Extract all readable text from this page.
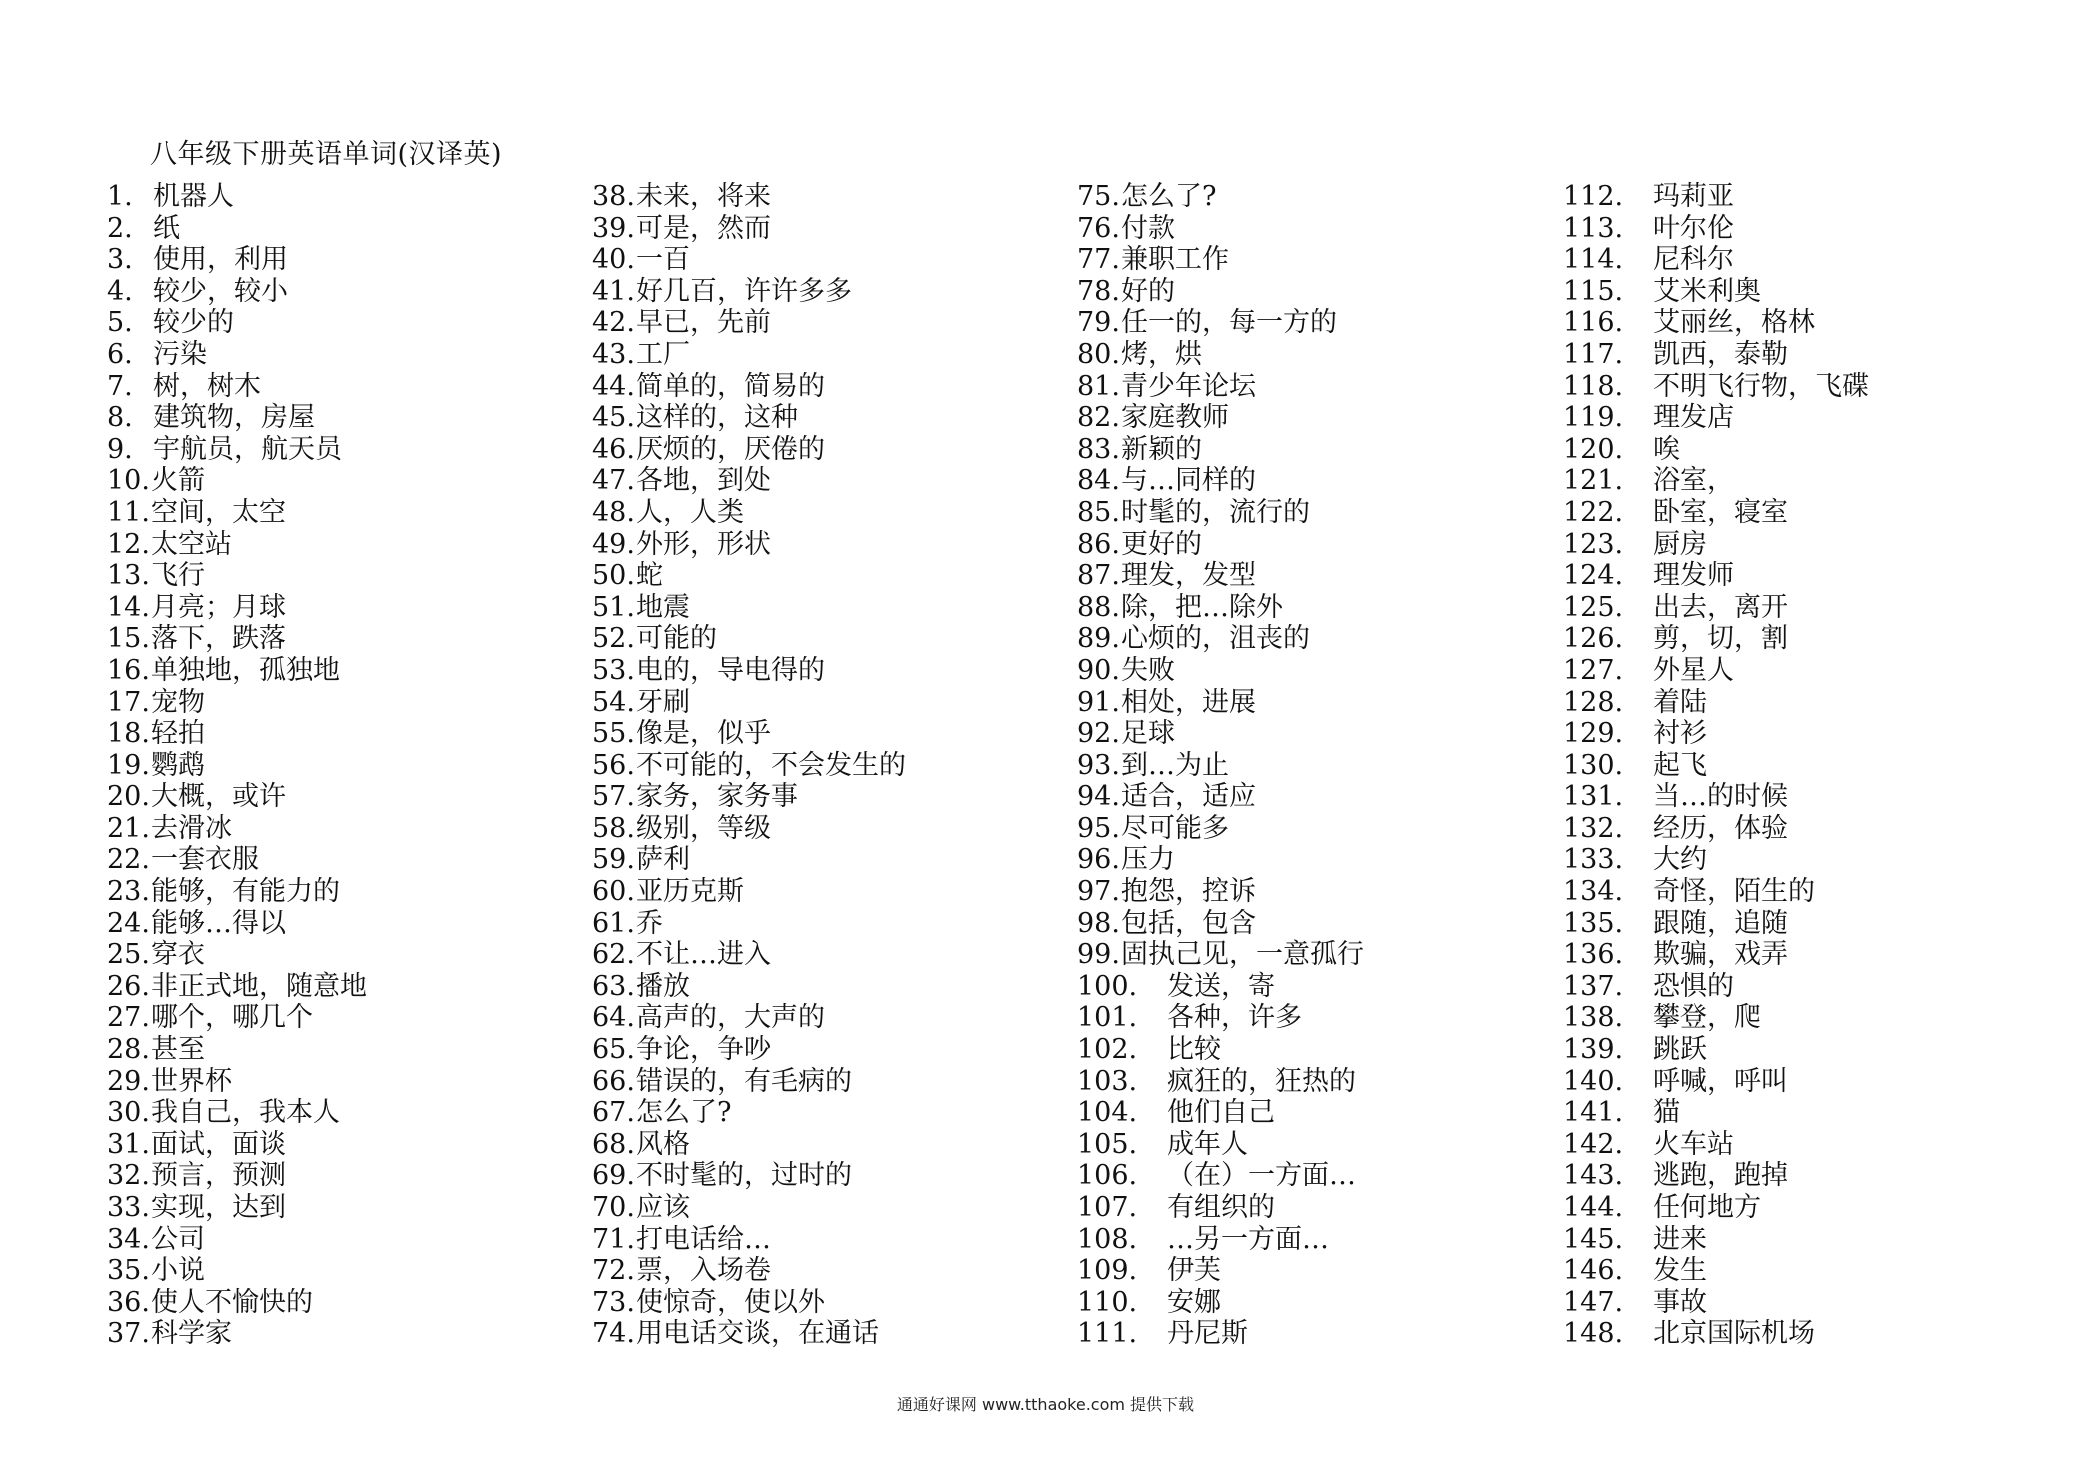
八年级下册英语单词(汉译英)
1. 机器人
2. 纸
3. 使用，利用
4. 较少，较小
5. 较少的
6. 污染
7. 树，树木
8. 建筑物，房屋
9. 宇航员，航天员
10. 火箭
11. 空间，太空
12. 太空站
13. 飞行
14. 月亮；月球
15. 落下，跌落
16. 单独地，孤独地
17. 宠物
18. 轻拍
19. 鹦鹉
20. 大概，或许
21. 去滑冰
22. 一套衣服
23. 能够，有能力的
24. 能够…得以
25. 穿衣
26. 非正式地，随意地
27. 哪个，哪几个
28. 甚至
29. 世界杯
30. 我自己，我本人
31. 面试，面谈
32. 预言，预测
33. 实现，达到
34. 公司
35. 小说
36. 使人不愉快的
37. 科学家
38. 未来，将来
39. 可是，然而
40. 一百
41. 好几百，许许多多
42. 早已，先前
43. 工厂
44. 简单的，简易的
45. 这样的，这种
46. 厌烦的，厌倦的
47. 各地，到处
48. 人，人类
49. 外形，形状
50. 蛇
51. 地震
52. 可能的
53. 电的，导电得的
54. 牙刷
55. 像是，似乎
56. 不可能的，不会发生的
57. 家务，家务事
58. 级别，等级
59. 萨利
60. 亚历克斯
61. 乔
62. 不让…进入
63. 播放
64. 高声的，大声的
65. 争论，争吵
66. 错误的，有毛病的
67. 怎么了?
68. 风格
69. 不时髦的，过时的
70. 应该
71. 打电话给…
72. 票，入场卷
73. 使惊奇，使以外
74. 用电话交谈，在通话
75. 怎么了?
76. 付款
77. 兼职工作
78. 好的
79. 任一的，每一方的
80. 烤，烘
81. 青少年论坛
82. 家庭教师
83. 新颖的
84. 与…同样的
85. 时髦的，流行的
86. 更好的
87. 理发，发型
88. 除，把…除外
89. 心烦的，沮丧的
90. 失败
91. 相处，进展
92. 足球
93. 到…为止
94. 适合，适应
95. 尽可能多
96. 压力
97. 抱怨，控诉
98. 包括，包含
99. 固执己见，一意孤行
100.	发送，寄
101.	各种，许多
102.	比较
103.	疯狂的，狂热的
104.	他们自己
105.	成年人
106.	（在）一方面…
107.	有组织的
108.	…另一方面…
109.	伊芙
110.	安娜
111.	丹尼斯
112.	玛莉亚
113.	叶尔伦
114.	尼科尔
115.	艾米利奥
116.	艾丽丝，格林
117.	凯西，泰勒
118.	不明飞行物，飞碟
119.	理发店
120.	唉
121.	浴室，
122.	卧室，寝室
123.	厨房
124.	理发师
125.	出去，离开
126.	剪，切，割
127.	外星人
128.	着陆
129.	衬衫
130.	起飞
131.	当…的时候
132.	经历，体验
133.	大约
134.	奇怪，陌生的
135.	跟随，追随
136.	欺骗，戏弄
137.	恐惧的
138.	攀登，爬
139.	跳跃
140.	呼喊，呼叫
141.	猫
142.	火车站
143.	逃跑，跑掉
144.	任何地方
145.	进来
146.	发生
147.	事故
148.	北京国际机场
通通好课网 www.tthaoke.com 提供下载
